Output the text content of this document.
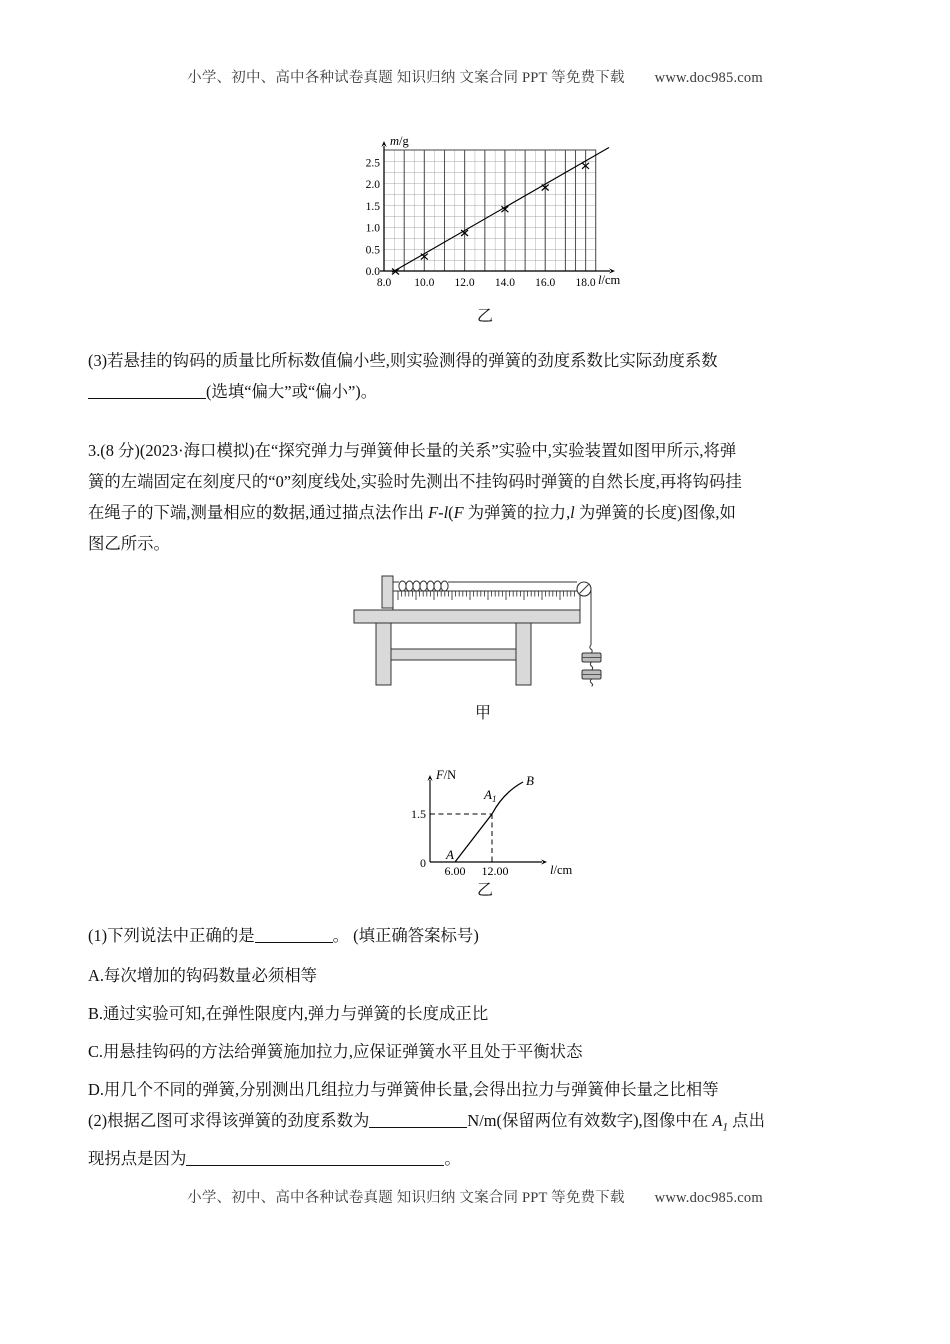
小学、初中、高中各种试卷真题 知识归纳 文案合同 PPT 等免费下载 www.doc985.com
0.0
0.5
1.0
1.5
2.0
2.5
8.0 10.0 12.0 14.0 16.0 18.0
m/g
l/cm
乙
(3)若悬挂的钩码的质量比所标数值偏小些,则实验测得的弹簧的劲度系数比实际劲度系数
(选填“偏大”或“偏小”)。
3.(8 分)(2023·海口模拟)在“探究弹力与弹簧伸长量的关系”实验中,实验装置如图甲所示,将弹
簧的左端固定在刻度尺的“0”刻度线处,实验时先测出不挂钩码时弹簧的自然长度,再将钩码挂
在绳子的下端,测量相应的数据,通过描点法作出 F-l(F 为弹簧的拉力,l 为弹簧的长度)图像,如
图乙所示。
甲
F/N
l/cm
1.5
0
6.00 12.00
A
$A_1$
B
乙
(1)下列说法中正确的是	。 (填正确答案标号)
A.每次增加的钩码数量必须相等
B.通过实验可知,在弹性限度内,弹力与弹簧的长度成正比
C.用悬挂钩码的方法给弹簧施加拉力,应保证弹簧水平且处于平衡状态
D.用几个不同的弹簧,分别测出几组拉力与弹簧伸长量,会得出拉力与弹簧伸长量之比相等
(2)根据乙图可求得该弹簧的劲度系数为	N/m(保留两位有效数字),图像中在 $A_1$ 点出
现拐点是因为	。
小学、初中、高中各种试卷真题 知识归纳 文案合同 PPT 等免费下载 www.doc985.com
